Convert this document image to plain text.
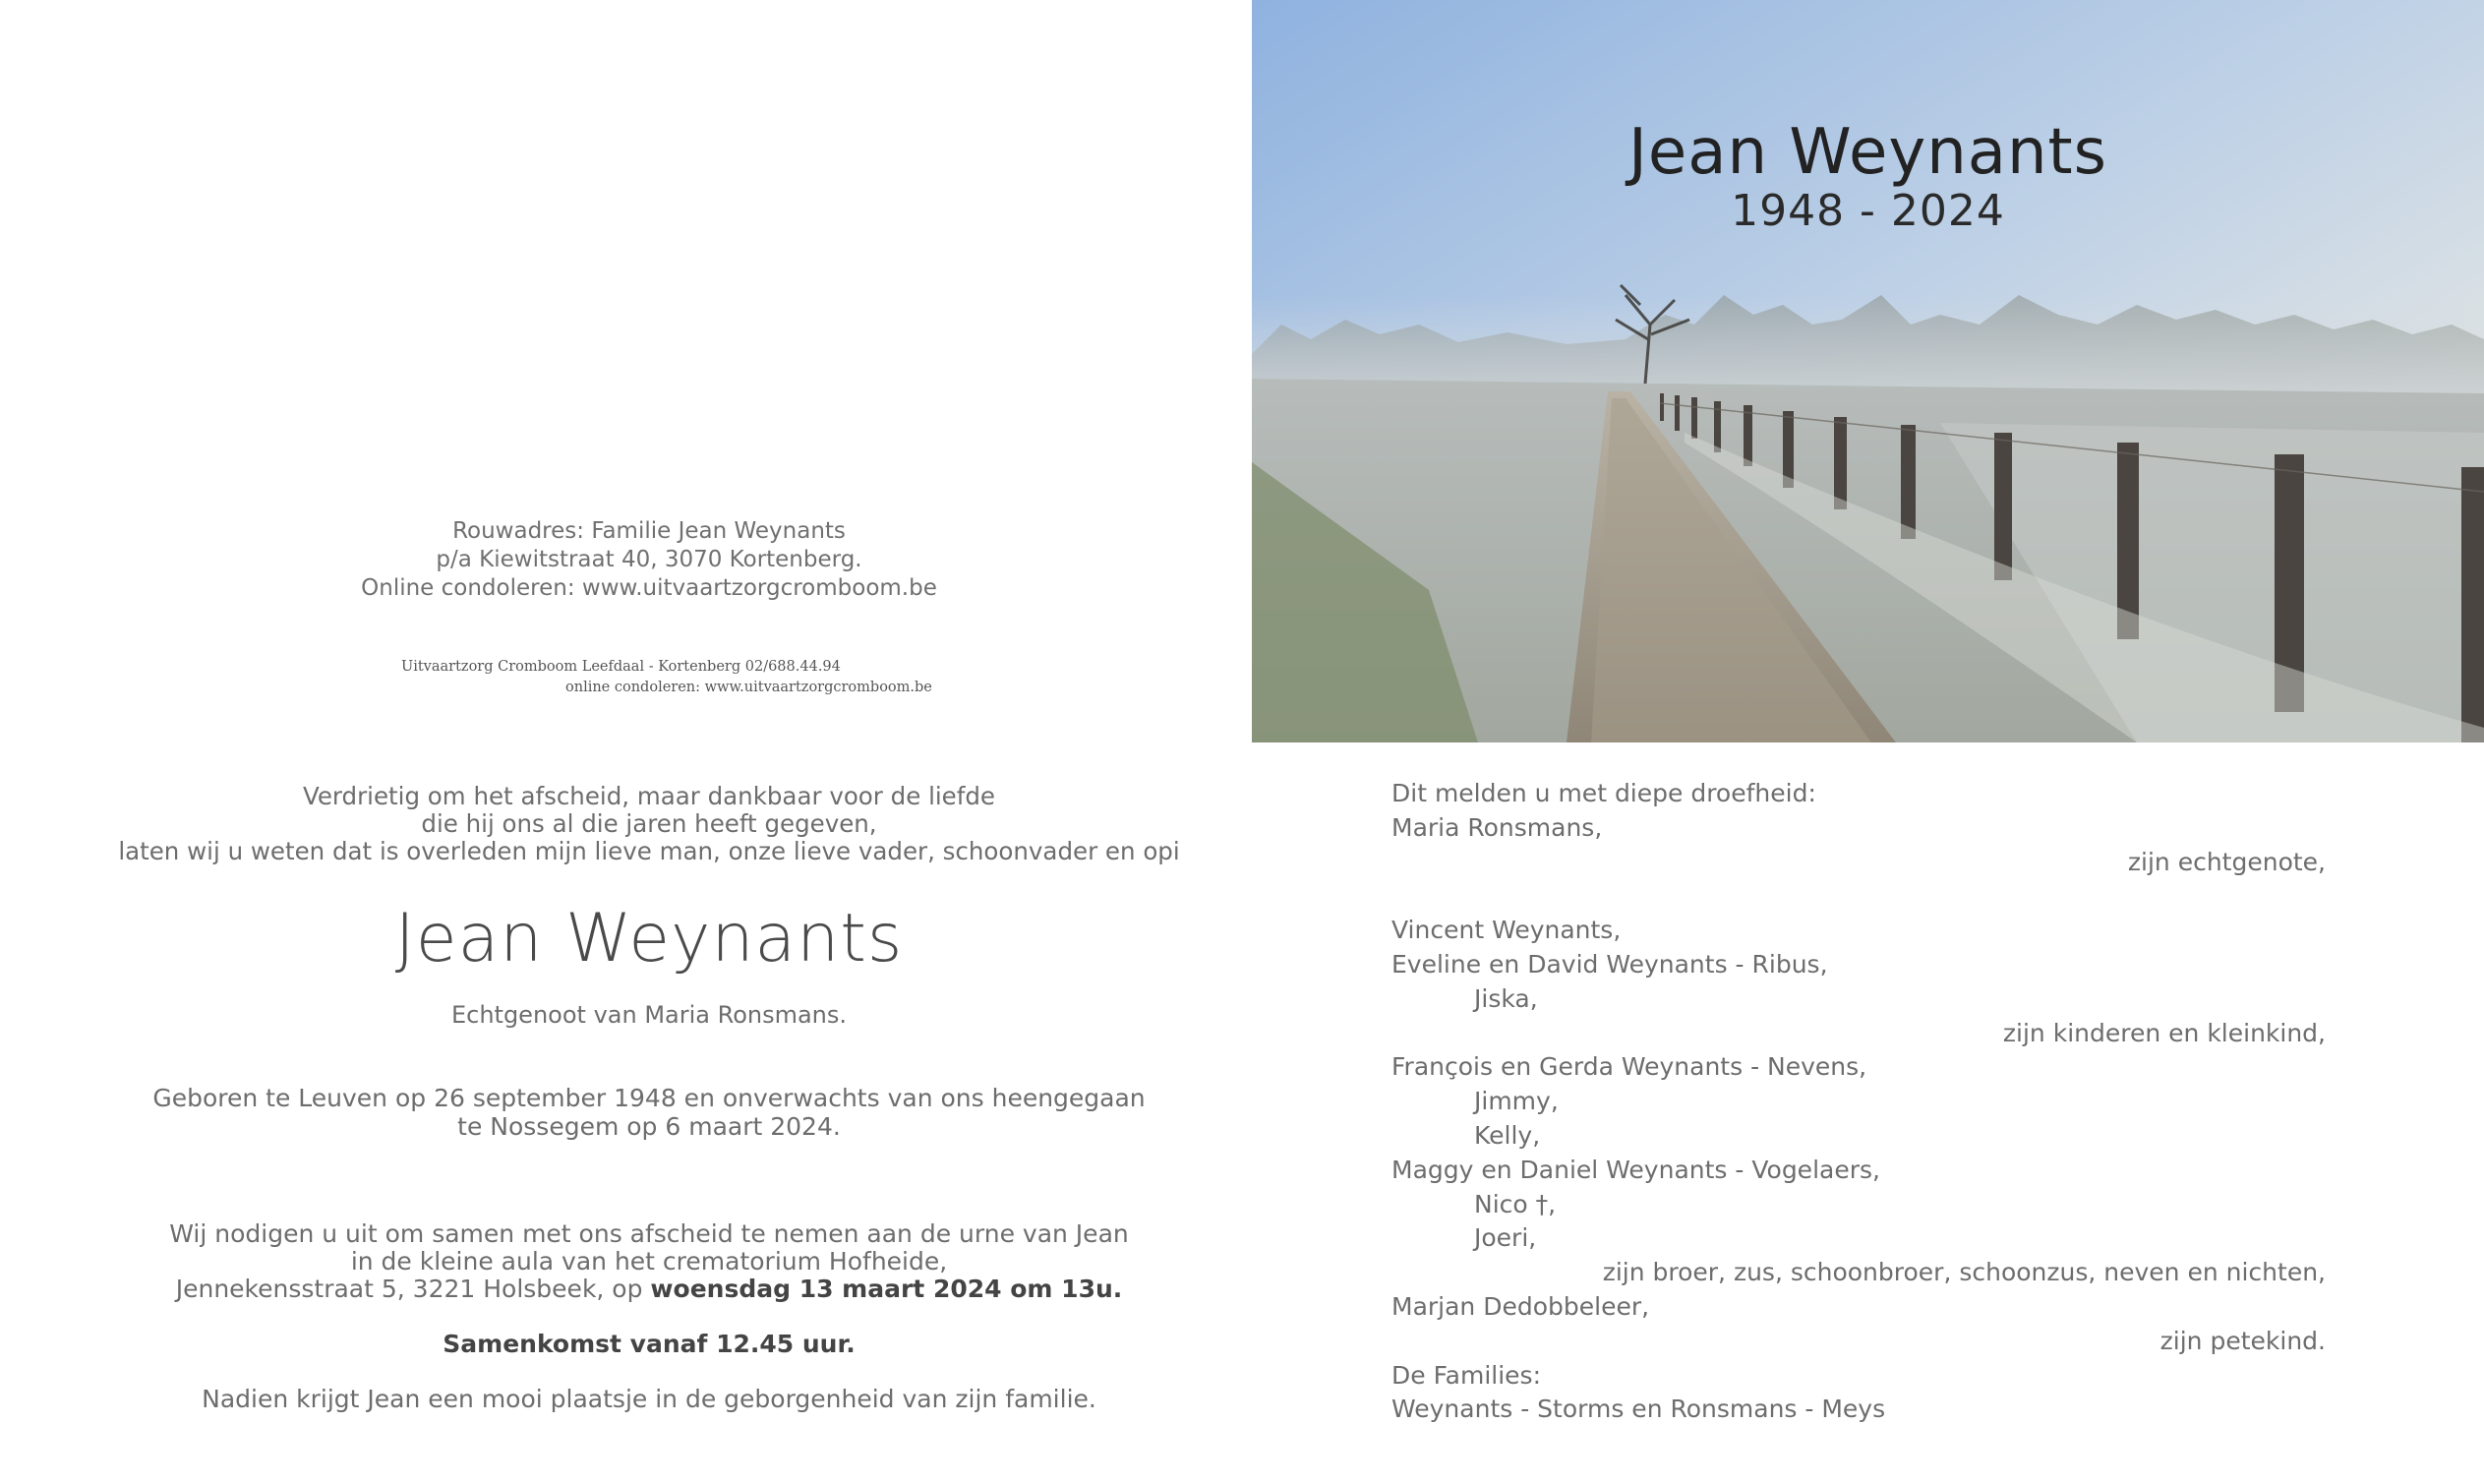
Rouwadres: Familie Jean Weynants
p/a Kiewitstraat 40, 3070 Kortenberg.
Online condoleren: www.uitvaartzorgcromboom.be
Uitvaartzorg Cromboom Leefdaal - Kortenberg 02/688.44.94
online condoleren: www.uitvaartzorgcromboom.be
Verdrietig om het afscheid, maar dankbaar voor de liefde
die hij ons al die jaren heeft gegeven,
laten wij u weten dat is overleden mijn lieve man, onze lieve vader, schoonvader en opi
Jean Weynants
Echtgenoot van Maria Ronsmans.
Geboren te Leuven op 26 september 1948 en onverwachts van ons heengegaan
te Nossegem op 6 maart 2024.
Wij nodigen u uit om samen met ons afscheid te nemen aan de urne van Jean
in de kleine aula van het crematorium Hofheide,
Jennekensstraat 5, 3221 Holsbeek, op woensdag 13 maart 2024 om 13u.
Samenkomst vanaf 12.45 uur.
Nadien krijgt Jean een mooi plaatsje in de geborgenheid van zijn familie.
Jean Weynants
1948 - 2024
Dit melden u met diepe droefheid:
Maria Ronsmans,
zijn echtgenote,
Vincent Weynants,
Eveline en David Weynants - Ribus,
Jiska,
zijn kinderen en kleinkind,
François en Gerda Weynants - Nevens,
Jimmy,
Kelly,
Maggy en Daniel Weynants - Vogelaers,
Nico †,
Joeri,
zijn broer, zus, schoonbroer, schoonzus, neven en nichten,
Marjan Dedobbeleer,
zijn petekind.
De Families:
Weynants - Storms en Ronsmans - Meys
